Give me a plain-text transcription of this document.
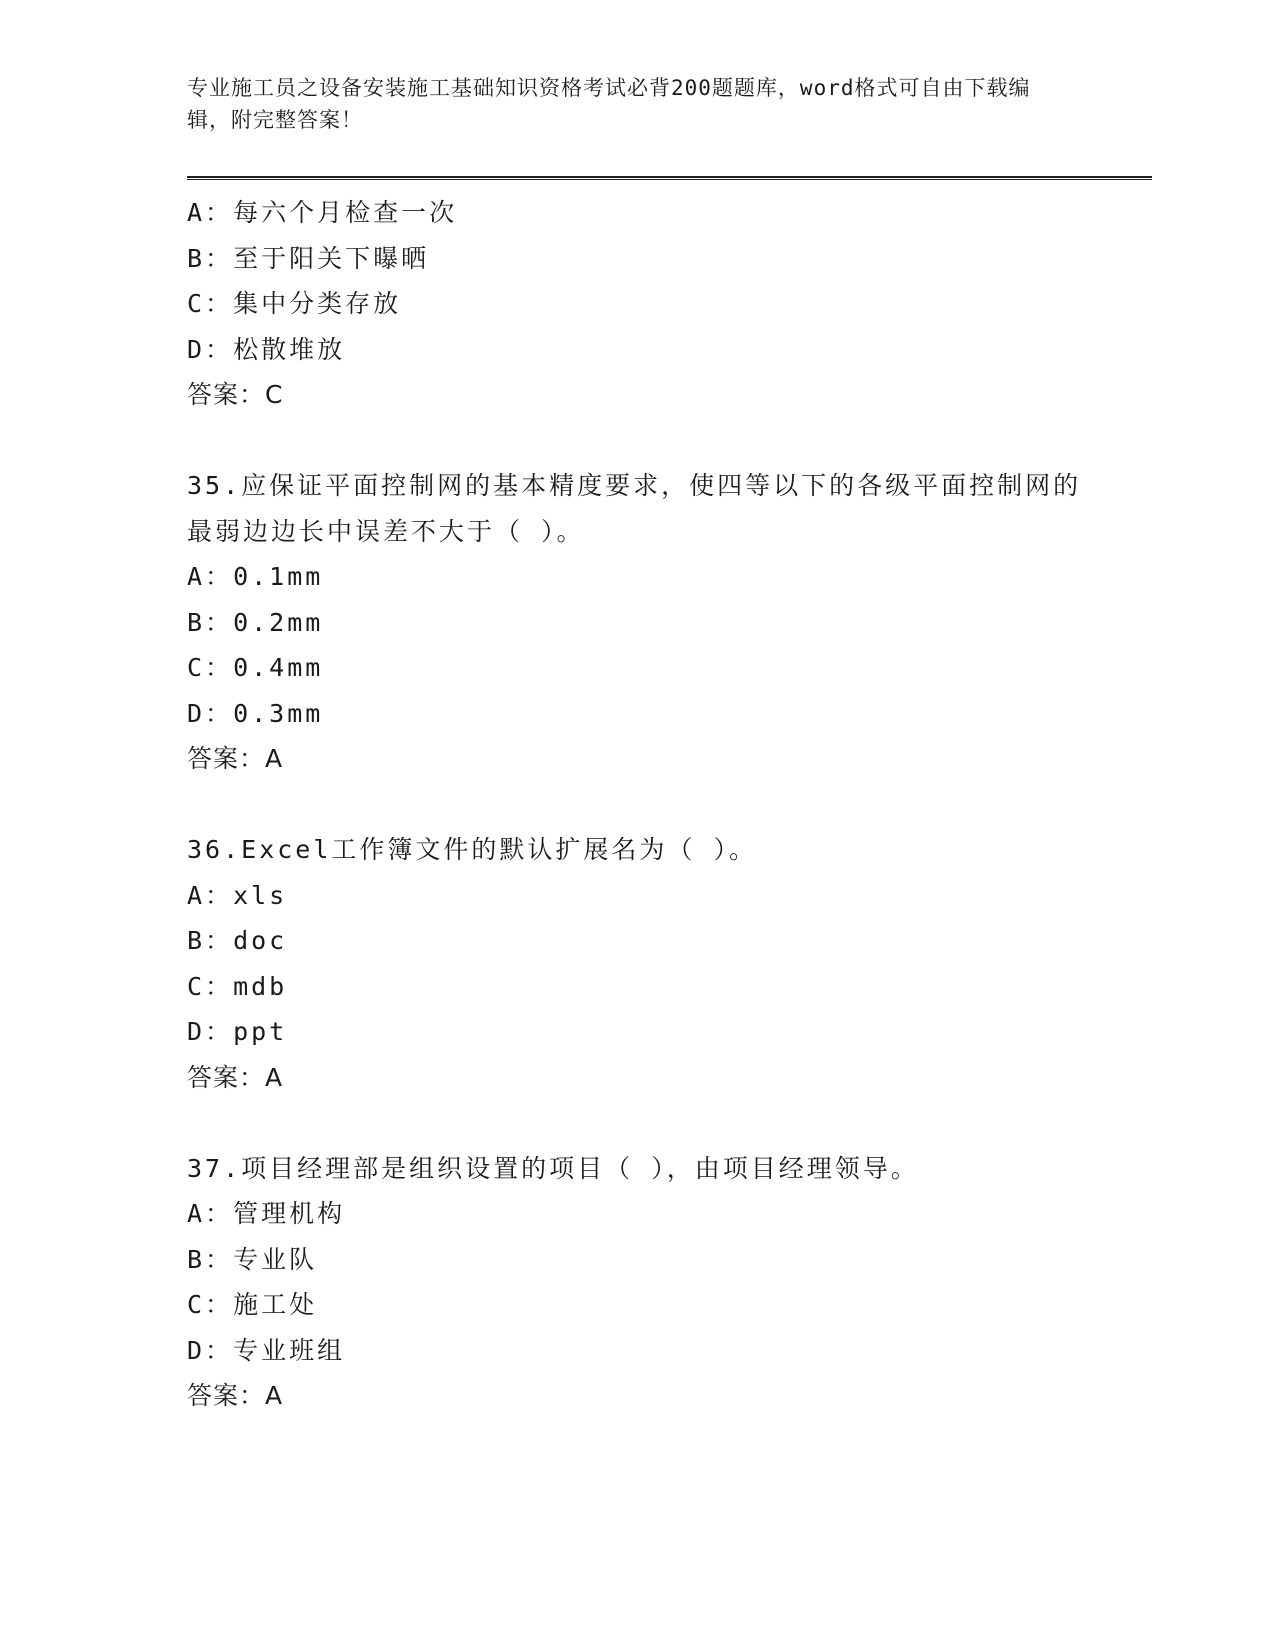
专业施工员之设备安装施工基础知识资格考试必背200题题库，word格式可自由下载编辑，附完整答案！
A：每六个月检查一次
B：至于阳关下曝晒
C：集中分类存放
D：松散堆放
答案：C
35.应保证平面控制网的基本精度要求，使四等以下的各级平面控制网的最弱边边长中误差不大于（ ）。
A：0.1mm
B：0.2mm
C：0.4mm
D：0.3mm
答案：A
36.Excel工作簿文件的默认扩展名为（ ）。
A：xls
B：doc
C：mdb
D：ppt
答案：A
37.项目经理部是组织设置的项目（ ），由项目经理领导。
A：管理机构
B：专业队
C：施工处
D：专业班组
答案：A
